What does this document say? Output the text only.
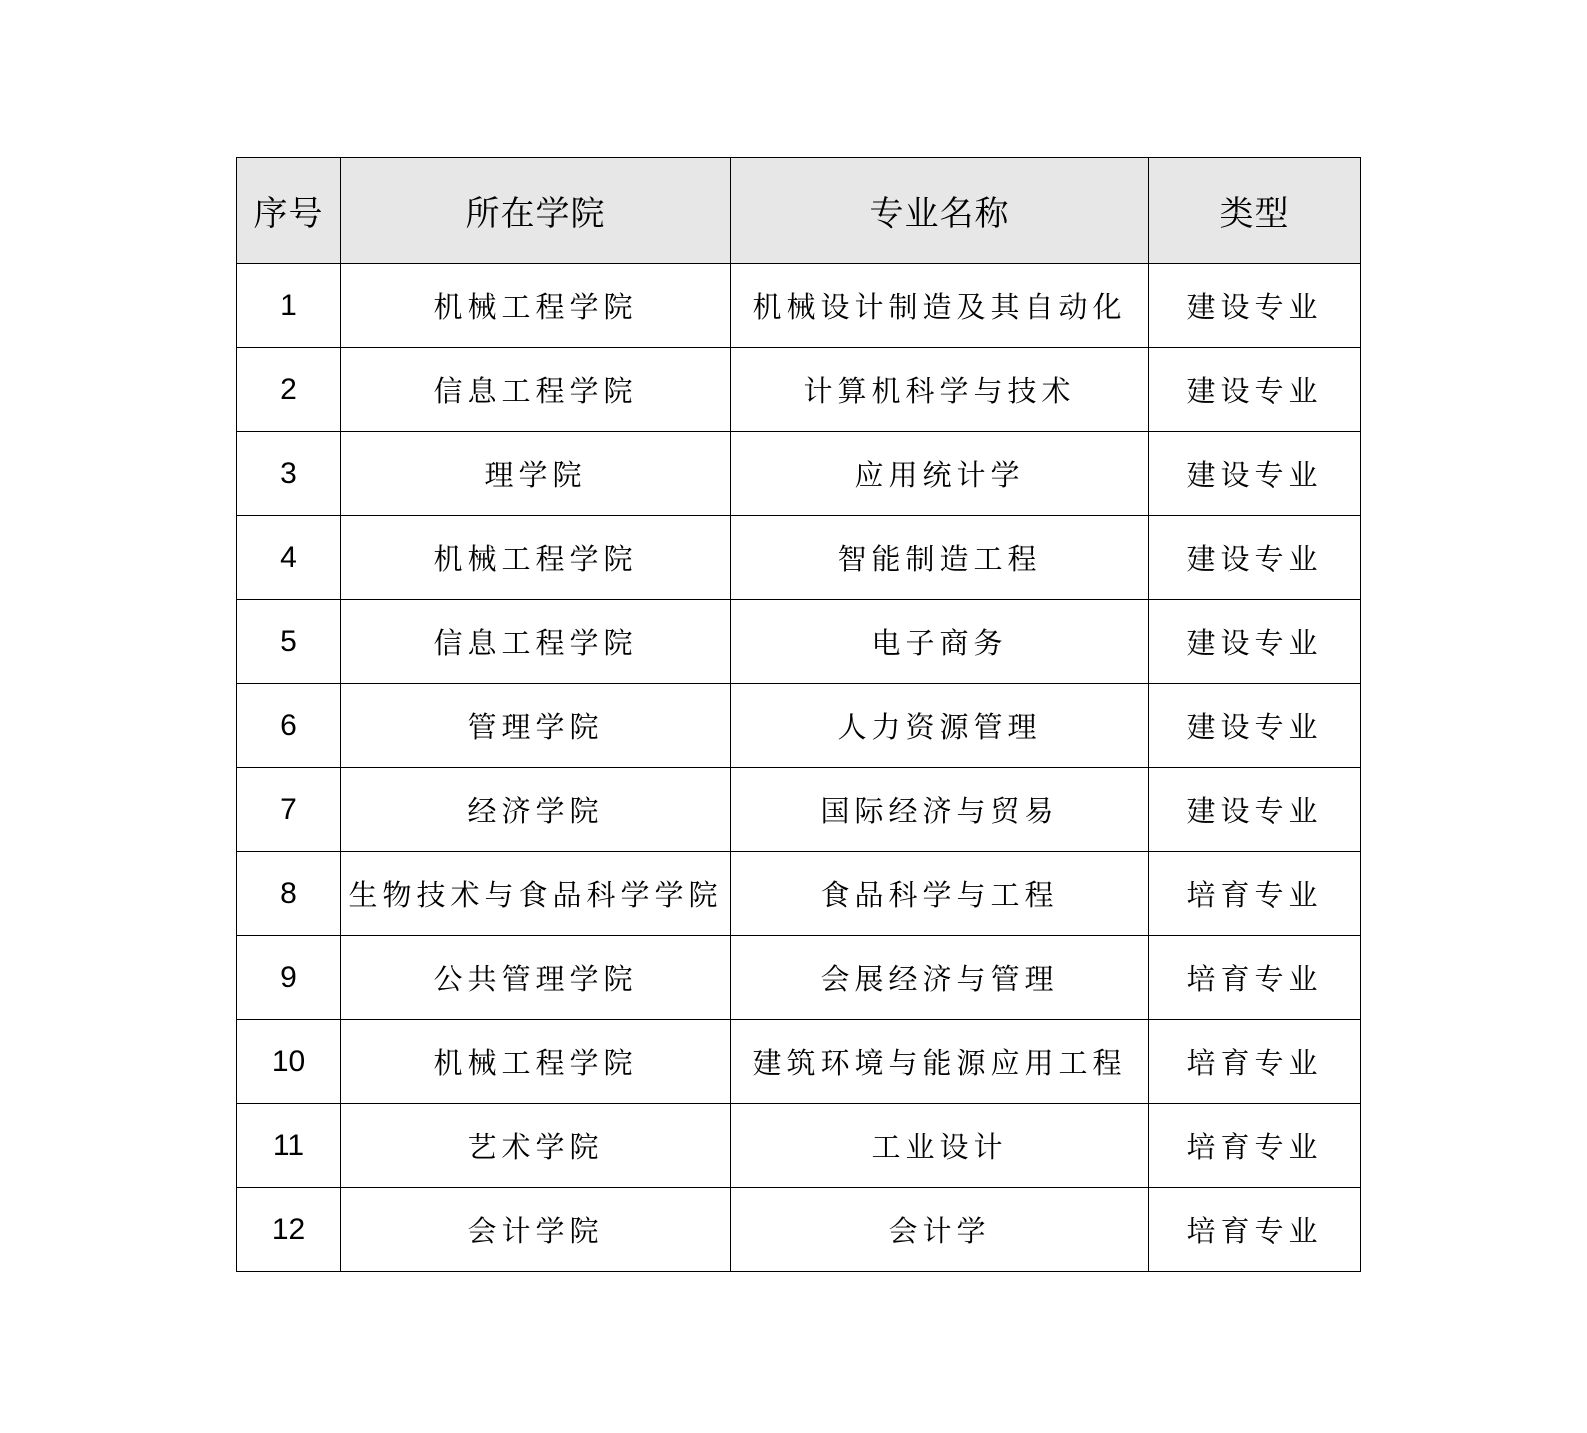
序号	所在学院	专业名称	类型
1	机械工程学院	机械设计制造及其自动化	建设专业
2	信息工程学院	计算机科学与技术	建设专业
3	理学院	应用统计学	建设专业
4	机械工程学院	智能制造工程	建设专业
5	信息工程学院	电子商务	建设专业
6	管理学院	人力资源管理	建设专业
7	经济学院	国际经济与贸易	建设专业
8	生物技术与食品科学学院	食品科学与工程	培育专业
9	公共管理学院	会展经济与管理	培育专业
10	机械工程学院	建筑环境与能源应用工程	培育专业
11	艺术学院	工业设计	培育专业
12	会计学院	会计学	培育专业
